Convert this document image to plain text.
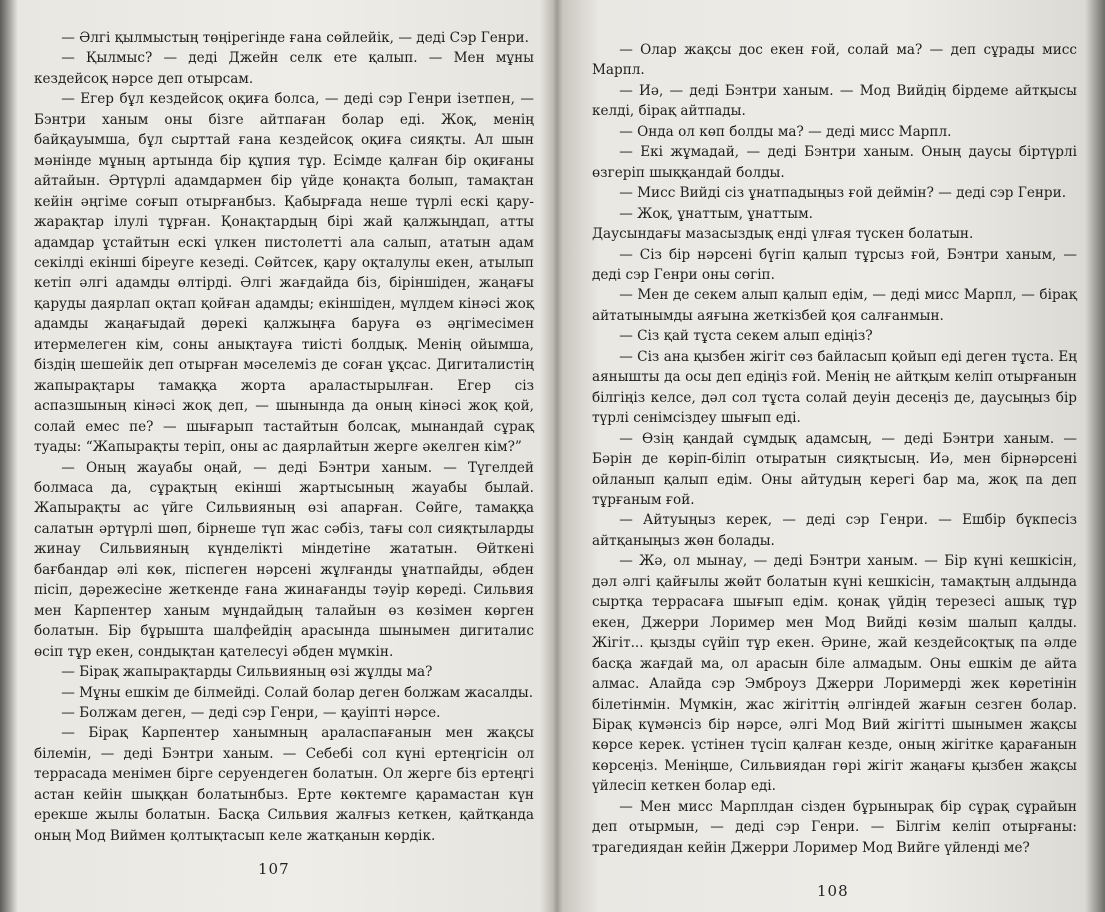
— Әлгі қылмыстың төңірегінде ғана сөйлейік, — деді Сэр Генри.

— Қылмыс? — деді Джейн селк ете қалып. — Мен мұны кездейсоқ нәрсе деп отырсам.

— Егер бұл кездейсоқ оқиға болса, — деді сэр Генри ізетпен, — Бэнтри ханым оны бізге айтпаған болар еді. Жоқ, менің байқауымша, бұл сырттай ғана кездейсоқ оқиға сияқты. Ал шын мәнінде мұның артында бір құпия тұр. Есімде қалған бір оқиғаны айтайын. Әртүрлі адамдармен бір үйде қонақта болып, тамақтан кейін әңгіме соғып отырғанбыз. Қабырғада неше түрлі ескі қару-жарақтар ілулі тұрған. Қонақтардың бірі жай қалжыңдап, атты адамдар ұстайтын ескі үлкен пистолетті ала салып, ататын адам секілді екінші біреуге кезеді. Сөйтсек, қару оқталулы екен, атылып кетіп әлгі адамды өлтірді. Әлгі жағдайда біз, біріншіден, жаңағы қаруды даярлап оқтап қойған адамды; екіншіден, мүлдем кінәсі жоқ адамды жаңағыдай дөрекі қалжыңға баруға өз әңгімесімен итермелеген кім, соны анықтауға тиісті болдық. Менің ойымша, біздің шешейік деп отырған мәселеміз де соған ұқсас. Дигиталистің жапырақтары тамаққа жорта араластырылған. Егер сіз аспазшының кінәсі жоқ деп, — шынында да оның кінәсі жоқ қой, солай емес пе? — шығарып тастайтын болсақ, мынандай сұрақ туады: “Жапырақты теріп, оны ас даярлайтын жерге әкелген кім?”

— Оның жауабы оңай, — деді Бэнтри ханым. — Түгелдей болмаса да, сұрақтың екінші жартысының жауабы былай. Жапырақты ас үйге Сильвияның өзі апарған. Сөйге, тамаққа салатын әртүрлі шөп, бірнеше түп жас сәбіз, тағы сол сияқтыларды жинау Сильвияның күнделікті міндетіне жататын. Өйткені бағбандар әлі көк, піспеген нәрсені жұлғанды ұнатпайды, әбден пісіп, дәрежесіне жеткенде ғана жинағанды тәуір көреді. Сильвия мен Карпентер ханым мұндайдың талайын өз көзімен көрген болатын. Бір бұрышта шалфейдің арасында шынымен дигиталис өсіп тұр екен, сондықтан қателесуі әбден мүмкін.

— Бірақ жапырақтарды Сильвияның өзі жұлды ма?

— Мұны ешкім де білмейді. Солай болар деген болжам жасалды.

— Болжам деген, — деді сэр Генри, — қауіпті нәрсе.

— Бірақ Карпентер ханымның араласпағанын мен жақсы білемін, — деді Бэнтри ханым. — Себебі сол күні ертеңгісін ол террасада менімен бірге серуендеген болатын. Ол жерге біз ертеңгі астан кейін шыққан болатынбыз. Ерте көктемге қарамастан күн ерекше жылы болатын. Басқа Сильвия жалғыз кеткен, қайтқанда оның Мод Виймен қолтықтасып келе жатқанын көрдік.

107

— Олар жақсы дос екен ғой, солай ма? — деп сұрады мисс Марпл.

— Иә, — деді Бэнтри ханым. — Мод Вийдің бірдеме айтқысы келді, бірақ айтпады.

— Онда ол көп болды ма? — деді мисс Марпл.

— Екі жұмадай, — деді Бэнтри ханым. Оның даусы біртүрлі өзгеріп шыққандай болды.

— Мисс Вийді сіз ұнатпадыңыз ғой деймін? — деді сэр Генри.

— Жоқ, ұнаттым, ұнаттым.

Даусындағы мазасыздық енді үлғая түскен болатын.

— Сіз бір нәрсені бүгіп қалып тұрсыз ғой, Бэнтри ханым, — деді сэр Генри оны сөгіп.

— Мен де секем алып қалып едім, — деді мисс Марпл, — бірақ айтатынымды аяғына жеткізбей қоя салғанмын.

— Сіз қай тұста секем алып едіңіз?

— Сіз ана қызбен жігіт сөз байласып қойып еді деген тұста. Ең аянышты да осы деп едіңіз ғой. Менің не айтқым келіп отырғанын білгіңіз келсе, дәл сол тұста солай деуін десеңіз де, даусыңыз бір түрлі сенімсіздеу шығып еді.

— Өзің қандай сұмдық адамсың, — деді Бэнтри ханым. — Бәрін де көріп-біліп отыратын сияқтысың. Иә, мен бірнәрсені ойланып қалып едім. Оны айтудың керегі бар ма, жоқ па деп тұрғаным ғой.

— Айтуыңыз керек, — деді сэр Генри. — Ешбір бүкпесіз айтқаныңыз жөн болады.

— Жә, ол мынау, — деді Бэнтри ханым. — Бір күні кешкісін, дәл әлгі қайғылы жөйт болатын күні кешкісін, тамақтың алдында сыртқа террасаға шығып едім. қонақ үйдің терезесі ашық тұр екен, Джерри Лоример мен Мод Вийді көзім шалып қалды. Жігіт... қызды сүйіп тұр екен. Әрине, жай кездейсоқтық па әлде басқа жағдай ма, ол арасын біле алмадым. Оны ешкім де айта алмас. Алайда сэр Эмброуз Джерри Лоримерді жек көретінін білетінмін. Мүмкін, жас жігіттің әлгіндей жағын сезген болар. Бірақ күмәнсіз бір нәрсе, әлгі Мод Вий жігітті шынымен жақсы көрсе керек. үстінен түсіп қалған кезде, оның жігітке қарағанын көрсеңіз. Меніңше, Сильвиядан гөрі жігіт жаңағы қызбен жақсы үйлесіп кеткен болар еді.

— Мен мисс Марплдан сізден бұрынырақ бір сұрақ сұрайын деп отырмын, — деді сэр Генри. — Білгім келіп отырғаны: трагедиядан кейін Джерри Лоример Мод Вийге үйленді ме?

108
